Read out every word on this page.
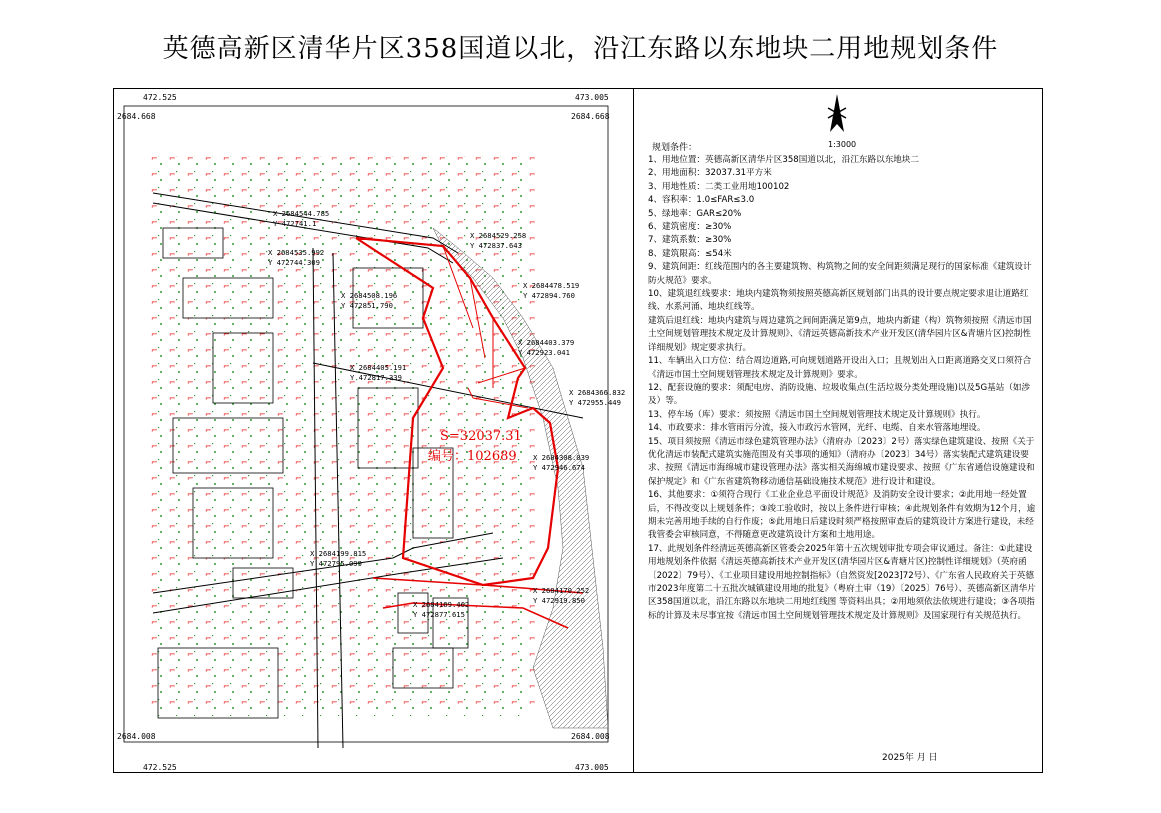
英德高新区清华片区358国道以北，沿江东路以东地块二用地规划条件
472.525	473.005
2684.668	2684.668
2684.008	2684.008
472.525	473.005
X 2684544.785
Y 472741.1
X 2684529.258
Y 472837.643
X 2684535.992
Y 472744.309
X 2684478.519
Y 472894.760
X 2684508.196
Y 472851.790
X 2684403.379
Y 472923.041
X 2684405.191
Y 472817.339
X 2684366.832
Y 472955.449
X 2684308.039
Y 472946.674
X 2684199.815
Y 472795.099
X 2684170.252
Y 472919.850
X 2684169.462
Y 472877.615
S=32037.31
编号：102689
1:3000
规划条件：
1、用地位置：英德高新区清华片区358国道以北，沿江东路以东地块二
2、用地面积：32037.31平方米
3、用地性质：二类工业用地100102
4、容积率：1.0≤FAR≤3.0
5、绿地率：GAR≤20%
6、建筑密度：≥30%
7、建筑系数：≥30%
8、建筑限高：≤54米
9、建筑间距：红线范围内的各主要建筑物、构筑物之间的安全间距须满足现行的国家标准《建筑设计防火规范》要求。
10、建筑退红线要求：地块内建筑物须按照英德高新区规划部门出具的设计要点规定要求退让道路红线、水系河涌、地块红线等。
建筑后退红线：地块内建筑与周边建筑之间间距满足第9点，地块内新建（构）筑物须按照《清远市国土空间规划管理技术规定及计算规则》、《清远英德高新技术产业开发区(清华园片区&青塘片区)控制性详细规划》规定要求执行。
11、车辆出入口方位：结合周边道路,可向规划道路开设出入口；且规划出入口距离道路交叉口须符合《清远市国土空间规划管理技术规定及计算规则》要求。
12、配套设施的要求：须配电房、消防设施、垃圾收集点(生活垃圾分类处理设施)以及5G基站（如涉及）等。
13、停车场（库）要求：须按照《清远市国土空间规划管理技术规定及计算规则》执行。
14、市政要求：排水管雨污分流，接入市政污水管网，光纤、电缆、自来水管落地埋设。
15、项目须按照《清远市绿色建筑管理办法》（清府办〔2023〕2号）落实绿色建筑建设、按照《关于优化清远市装配式建筑实施范围及有关事项的通知》（清府办〔2023〕34号）落实装配式建筑建设要求、按照《清远市海绵城市建设管理办法》落实相关海绵城市建设要求、按照《广东省通信设施建设和保护规定》和《广东省建筑物移动通信基础设施技术规范》进行设计和建设。
16、其他要求：①须符合现行《工业企业总平面设计规范》及消防安全设计要求；②此用地一经处置后，不得改变以上规划条件；③竣工验收时，按以上条件进行审核；④此规划条件有效期为12个月，逾期未完善用地手续的自行作废；⑤此用地日后建设时须严格按照审查后的建筑设计方案进行建设，未经我管委会审核同意，不得随意更改建筑设计方案和土地用途。
17、此规划条件经清远英德高新区管委会2025年第十五次规划审批专项会审议通过。备注：①此建设用地规划条件依据《清远英德高新技术产业开发区(清华园片区&青塘片区)控制性详细规划》（英府函〔2022〕79号）、《工业项目建设用地控制指标》（自然资发[2023]72号）、《广东省人民政府关于英德市2023年度第二十五批次城镇建设用地的批复》（粤府土审（19）〔2025〕76号）、英德高新区清华片区358国道以北，沿江东路以东地块二用地红线图 等资料出具；②用地须依法依规进行建设；③各项指标的计算及未尽事宜按《清远市国土空间规划管理技术规定及计算规则》及国家现行有关规范执行。
2025年 月 日
